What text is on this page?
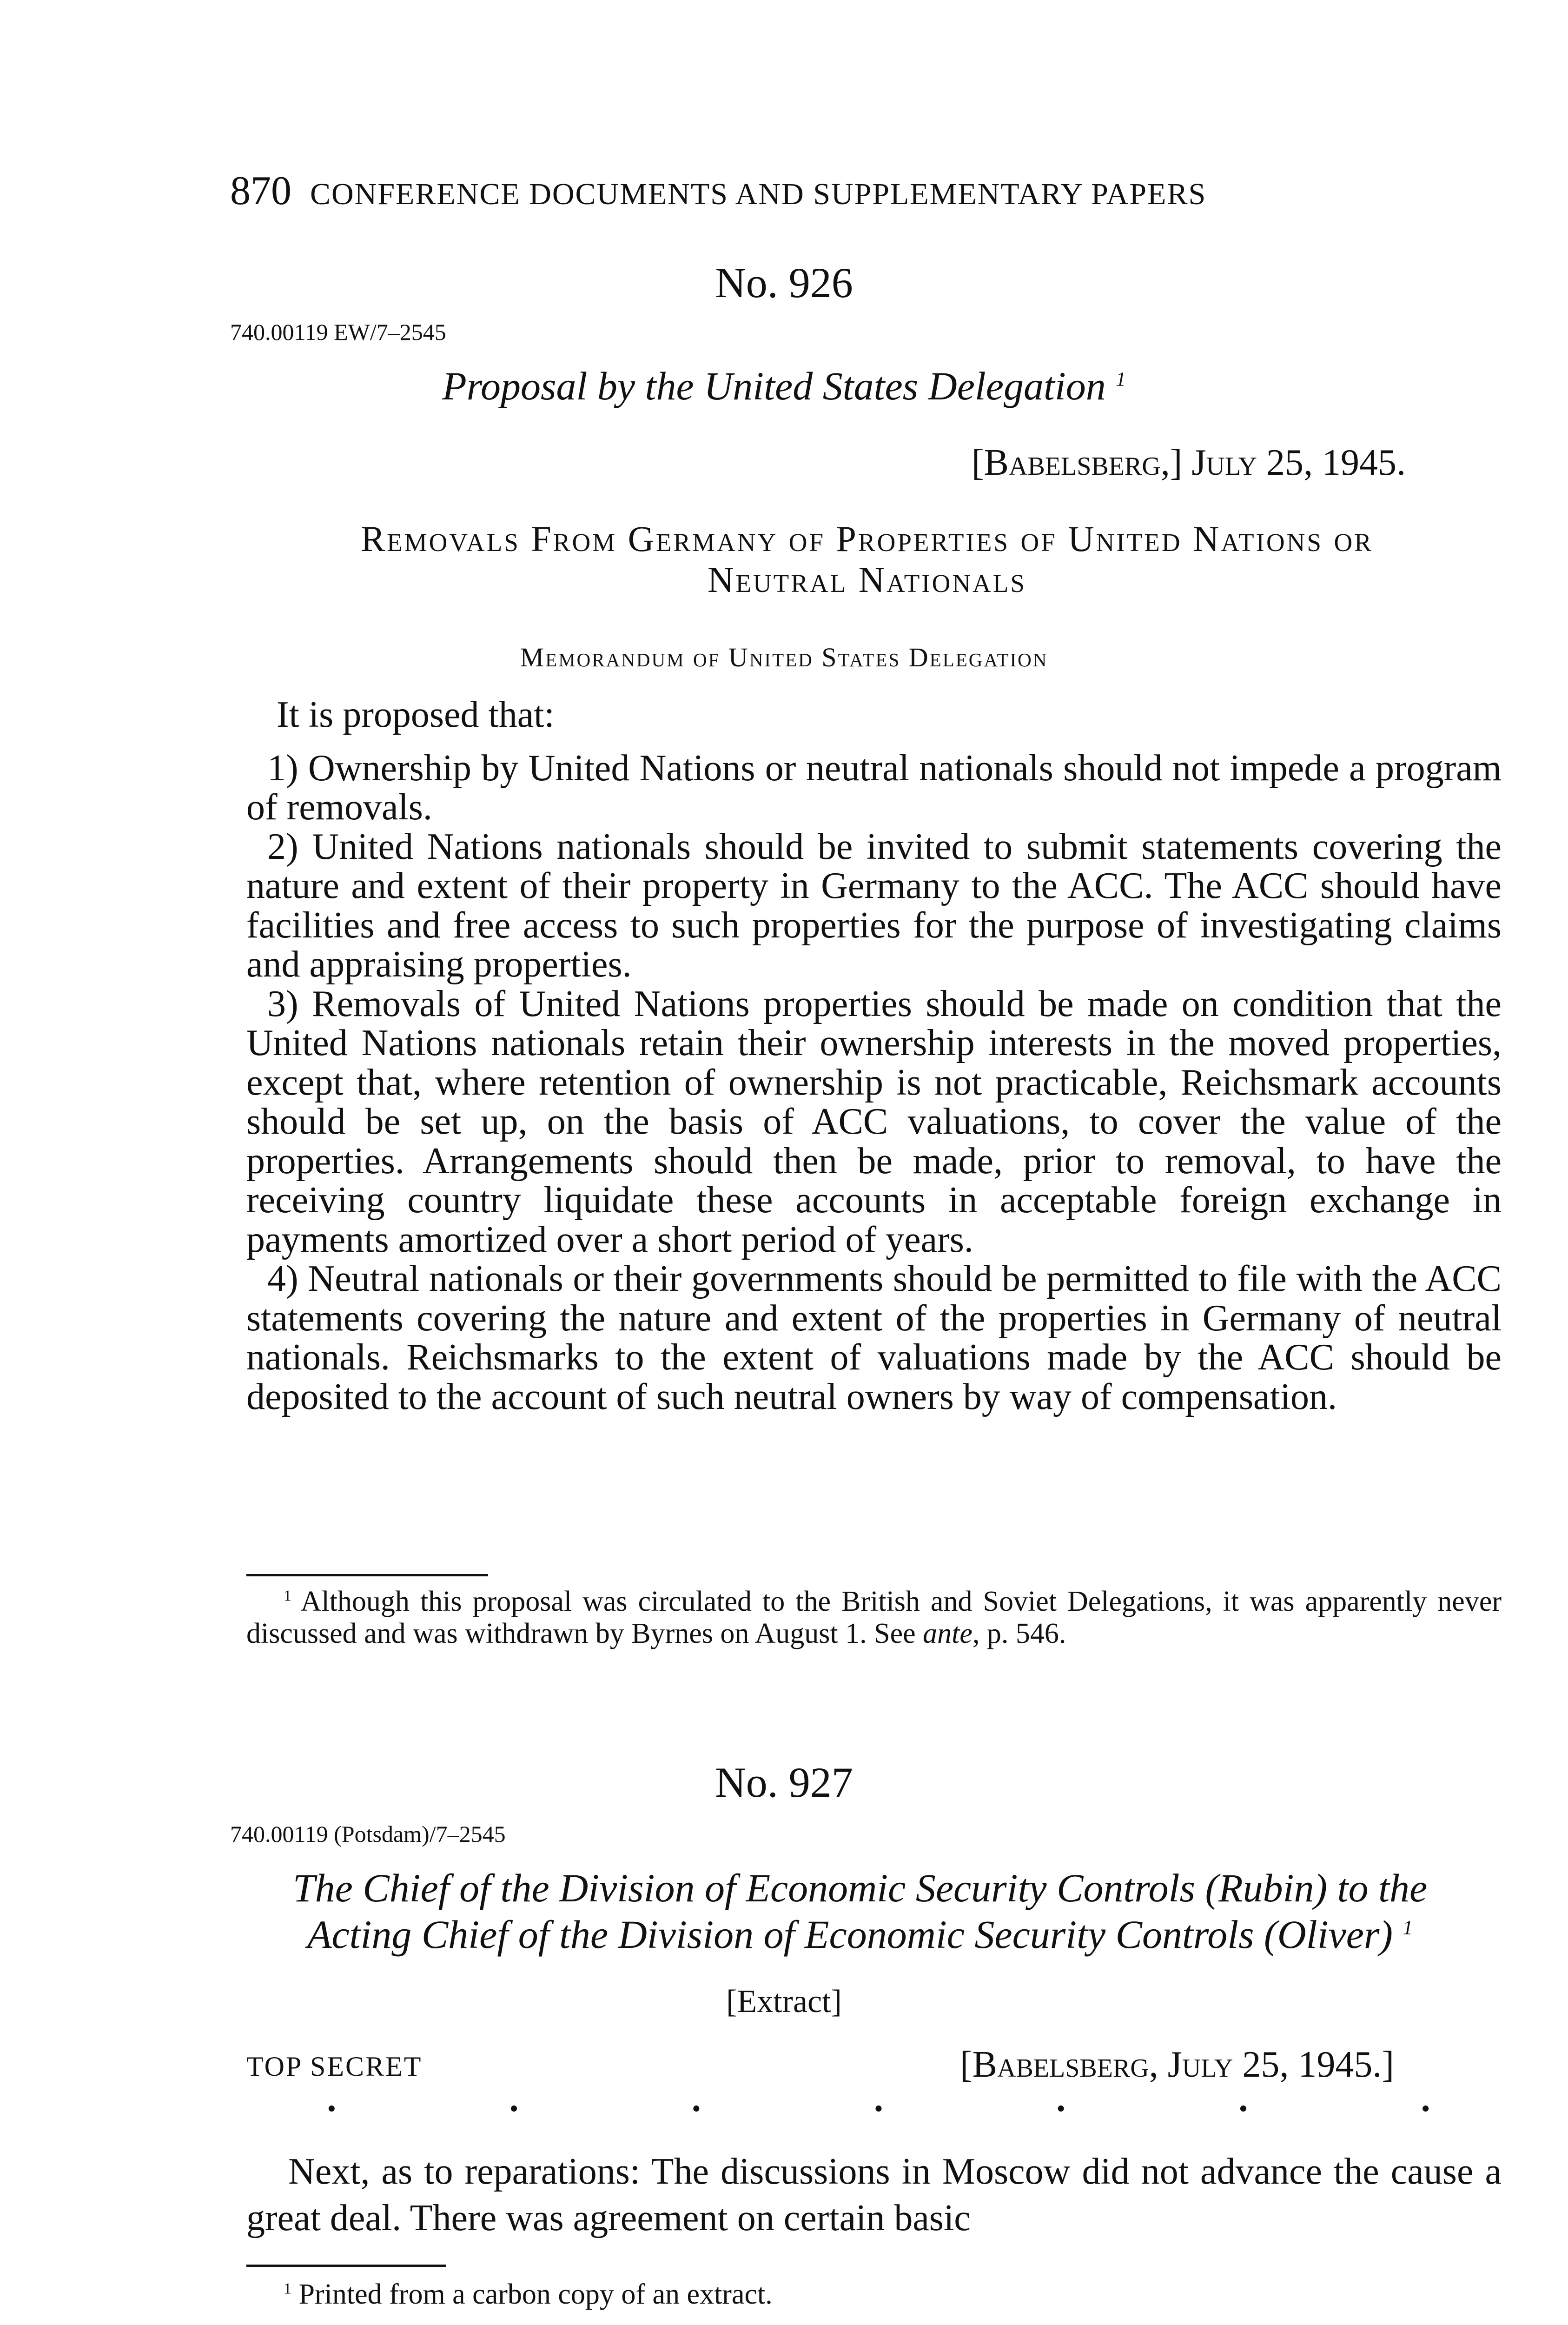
870 CONFERENCE DOCUMENTS AND SUPPLEMENTARY PAPERS
No. 926
740.00119 EW/7–2545
Proposal by the United States Delegation $^1$
[Babelsberg,] July 25, 1945.
Removals From Germany of Properties of United Nations or
Neutral Nationals
Memorandum of United States Delegation

It is proposed that:

1) Ownership by United Nations or neutral nationals should not impede a program of removals.

2) United Nations nationals should be invited to submit statements covering the nature and extent of their property in Germany to the ACC. The ACC should have facilities and free access to such properties for the purpose of investigating claims and appraising properties.

3) Removals of United Nations properties should be made on condition that the United Nations nationals retain their ownership interests in the moved properties, except that, where retention of ownership is not practicable, Reichsmark accounts should be set up, on the basis of ACC valuations, to cover the value of the properties. Arrangements should then be made, prior to removal, to have the receiving country liquidate these accounts in acceptable foreign exchange in payments amortized over a short period of years.

4) Neutral nationals or their governments should be permitted to file with the ACC statements covering the nature and extent of the properties in Germany of neutral nationals. Reichsmarks to the extent of valuations made by the ACC should be deposited to the account of such neutral owners by way of compensation.

$^1$ Although this proposal was circulated to the British and Soviet Delegations, it was apparently never discussed and was withdrawn by Byrnes on August 1. See ante, p. 546.

No. 927
740.00119 (Potsdam)/7–2545
The Chief of the Division of Economic Security Controls (Rubin) to the
Acting Chief of the Division of Economic Security Controls (Oliver) $^1$
[Extract]
TOP SECRET	[Babelsberg, July 25, 1945.]
·	·	·	·	·	·	·

Next, as to reparations: The discussions in Moscow did not advance the cause a great deal. There was agreement on certain basic

$^1$ Printed from a carbon copy of an extract.
